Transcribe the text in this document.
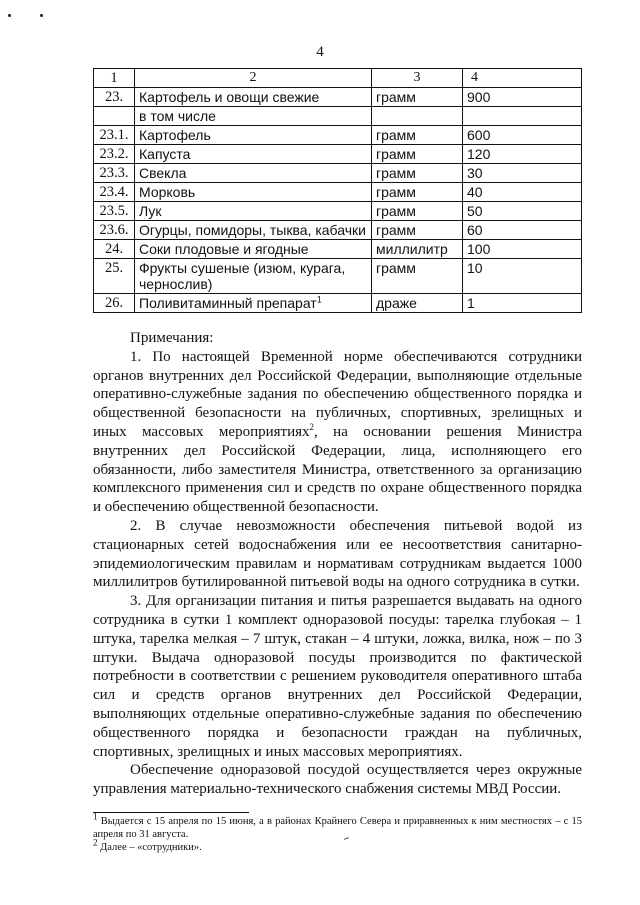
4
1	2	3	4
23.	Картофель и овощи свежие	грамм	900
	в том числе		
23.1.	Картофель	грамм	600
23.2.	Капуста	грамм	120
23.3.	Свекла	грамм	30
23.4.	Морковь	грамм	40
23.5.	Лук	грамм	50
23.6.	Огурцы, помидоры, тыква, кабачки	грамм	60
24.	Соки плодовые и ягодные	миллилитр	100
25.	Фрукты сушеные (изюм, курага, чернослив)	грамм	10
26.	Поливитаминный препарат$^1$	драже	1

Примечания:

1. По настоящей Временной норме обеспечиваются сотрудники органов внутренних дел Российской Федерации, выполняющие отдельные оперативно-служебные задания по обеспечению общественного порядка и общественной безопасности на публичных, спортивных, зрелищных и иных массовых мероприятиях$^2$, на основании решения Министра внутренних дел Российской Федерации, лица, исполняющего его обязанности, либо заместителя Министра, ответственного за организацию комплексного применения сил и средств по охране общественного порядка и обеспечению общественной безопасности.

2. В случае невозможности обеспечения питьевой водой из стационарных сетей водоснабжения или ее несоответствия санитарно-эпидемиологическим правилам и нормативам сотрудникам выдается 1000 миллилитров бутилированной питьевой воды на одного сотрудника в сутки.

3. Для организации питания и питья разрешается выдавать на одного сотрудника в сутки 1 комплект одноразовой посуды: тарелка глубокая – 1 штука, тарелка мелкая – 7 штук, стакан – 4 штуки, ложка, вилка, нож – по 3 штуки. Выдача одноразовой посуды производится по фактической потребности в соответствии с решением руководителя оперативного штаба сил и средств органов внутренних дел Российской Федерации, выполняющих отдельные оперативно-служебные задания по обеспечению общественного порядка и безопасности граждан на публичных, спортивных, зрелищных и иных массовых мероприятиях.

Обеспечение одноразовой посудой осуществляется через окружные управления материально-технического снабжения системы МВД России.

$^1$ Выдается с 15 апреля по 15 июня, а в районах Крайнего Севера и приравненных к ним местностях – с 15 апреля по 31 августа.

$^2$ Далее – «сотрудники».
